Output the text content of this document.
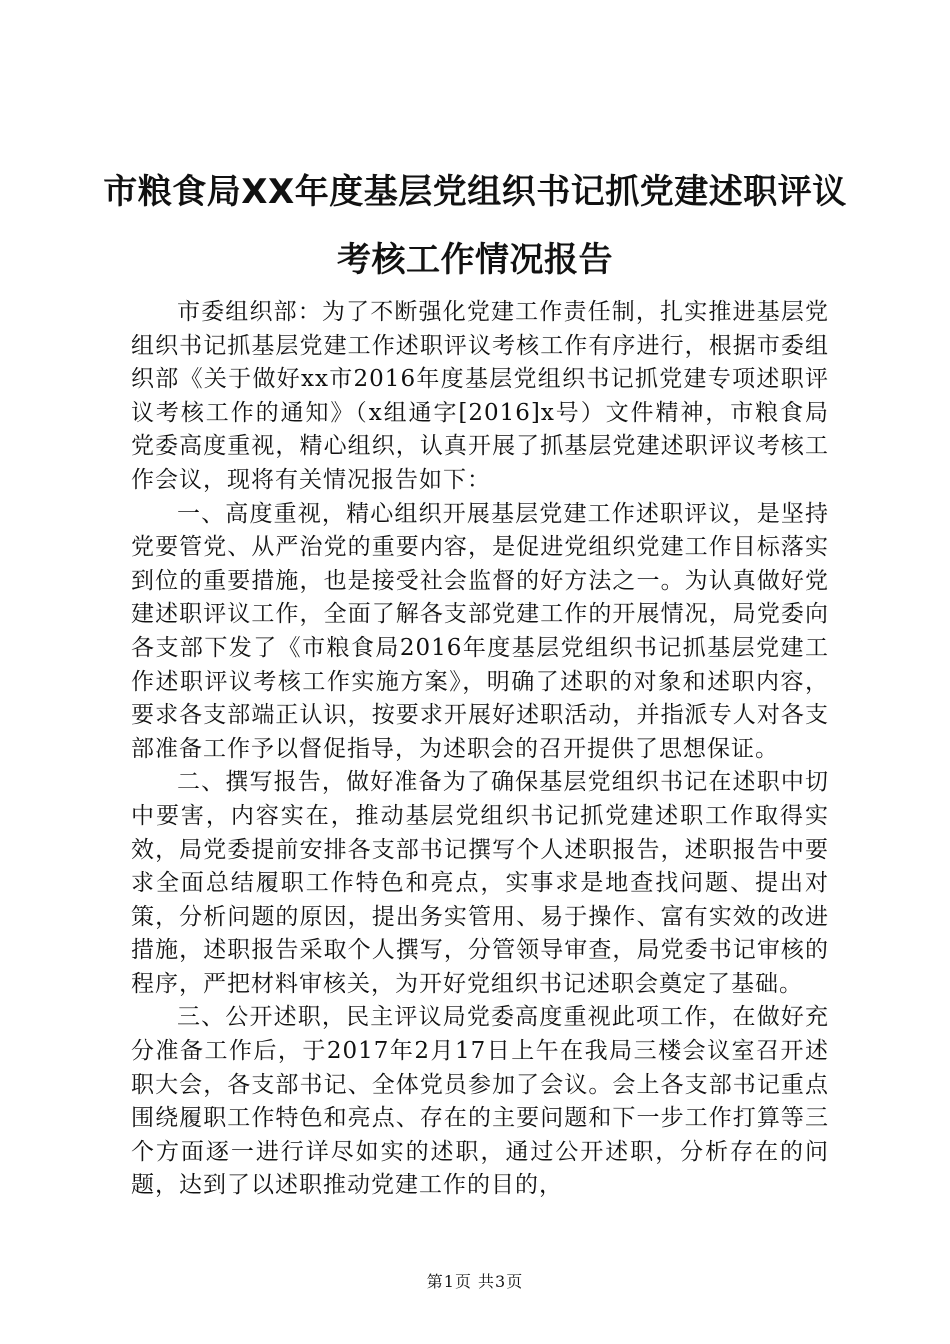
市粮食局XX年度基层党组织书记抓党建述职评议考核工作情况报告

市委组织部：为了不断强化党建工作责任制，扎实推进基层党组织书记抓基层党建工作述职评议考核工作有序进行，根据市委组织部《关于做好xx市2016年度基层党组织书记抓党建专项述职评议考核工作的通知》（x组通字[2016]x号）文件精神，市粮食局党委高度重视，精心组织，认真开展了抓基层党建述职评议考核工作会议，现将有关情况报告如下：

一、高度重视，精心组织开展基层党建工作述职评议，是坚持党要管党、从严治党的重要内容，是促进党组织党建工作目标落实到位的重要措施，也是接受社会监督的好方法之一。为认真做好党建述职评议工作，全面了解各支部党建工作的开展情况，局党委向各支部下发了《市粮食局2016年度基层党组织书记抓基层党建工作述职评议考核工作实施方案》，明确了述职的对象和述职内容，要求各支部端正认识，按要求开展好述职活动，并指派专人对各支部准备工作予以督促指导，为述职会的召开提供了思想保证。

二、撰写报告，做好准备为了确保基层党组织书记在述职中切中要害，内容实在，推动基层党组织书记抓党建述职工作取得实效，局党委提前安排各支部书记撰写个人述职报告，述职报告中要求全面总结履职工作特色和亮点，实事求是地查找问题、提出对策，分析问题的原因，提出务实管用、易于操作、富有实效的改进措施，述职报告采取个人撰写，分管领导审查，局党委书记审核的程序，严把材料审核关，为开好党组织书记述职会奠定了基础。

三、公开述职，民主评议局党委高度重视此项工作，在做好充分准备工作后，于2017年2月17日上午在我局三楼会议室召开述职大会，各支部书记、全体党员参加了会议。会上各支部书记重点围绕履职工作特色和亮点、存在的主要问题和下一步工作打算等三个方面逐一进行详尽如实的述职，通过公开述职，分析存在的问题，达到了以述职推动党建工作的目的，

第1页 共3页
